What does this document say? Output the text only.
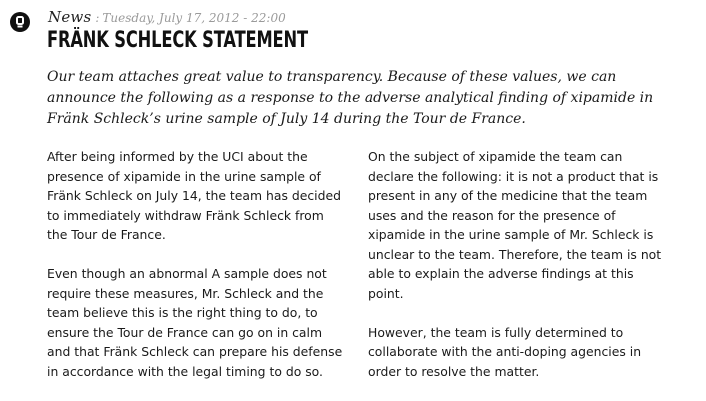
News : Tuesday, July 17, 2012 - 22:00
FRÄNK SCHLECK STATEMENT

Our team attaches great value to transparency. Because of these values, we can announce the following as a response to the adverse analytical finding of xipamide in Fränk Schleck’s urine sample of July 14 during the Tour de France.

After being informed by the UCI about the presence of xipamide in the urine sample of Fränk Schleck on July 14, the team has decided to immediately withdraw Fränk Schleck from the Tour de France.

Even though an abnormal A sample does not require these measures, Mr. Schleck and the team believe this is the right thing to do, to ensure the Tour de France can go on in calm and that Fränk Schleck can prepare his defense in accordance with the legal timing to do so.

On the subject of xipamide the team can declare the following: it is not a product that is present in any of the medicine that the team uses and the reason for the presence of xipamide in the urine sample of Mr. Schleck is unclear to the team. Therefore, the team is not able to explain the adverse findings at this point.

However, the team is fully determined to collaborate with the anti-doping agencies in order to resolve the matter.
